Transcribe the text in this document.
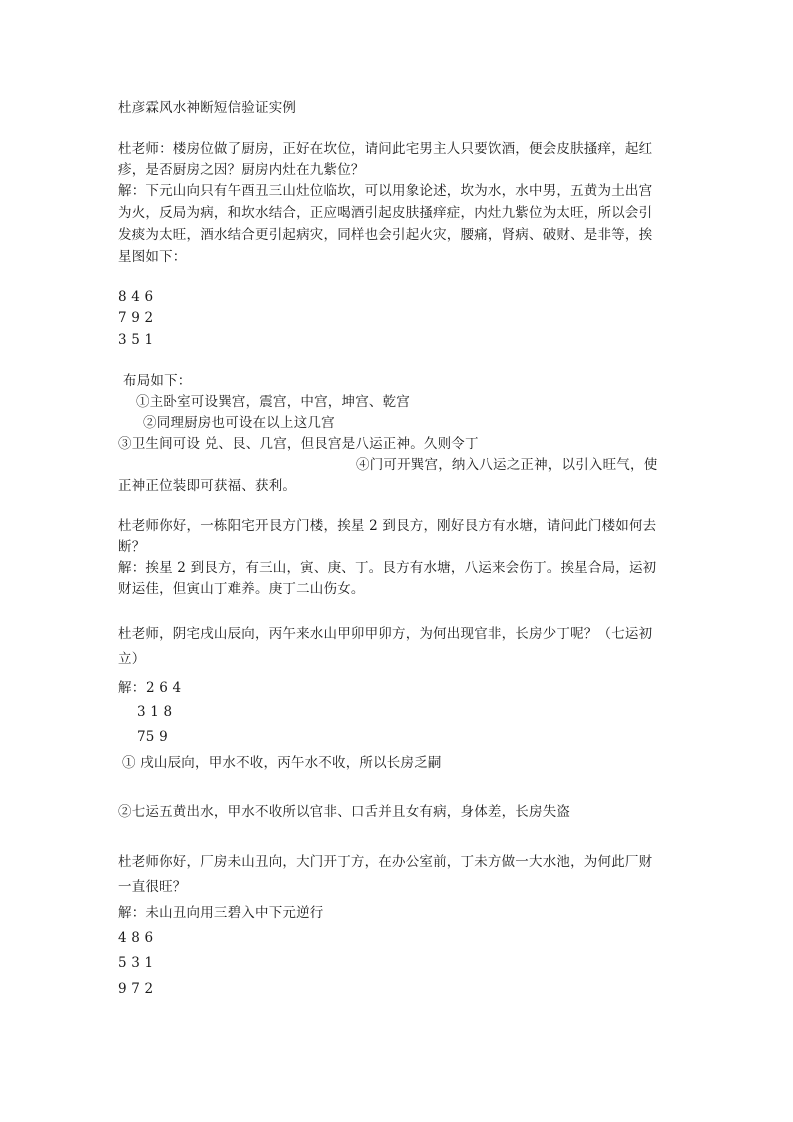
杜彦霖风水神断短信验证实例
杜老师：楼房位做了厨房，正好在坎位，请问此宅男主人只要饮酒，便会皮肤搔痒，起红
疹，是否厨房之因？厨房内灶在九紫位？
解：下元山向只有午酉丑三山灶位临坎，可以用象论述，坎为水，水中男，五黄为土出宫
为火，反局为病，和坎水结合，正应喝酒引起皮肤搔痒症，内灶九紫位为太旺，所以会引
发痰为太旺，酒水结合更引起病灾，同样也会引起火灾，腰痛，肾病、破财、是非等，挨
星图如下：
8 4 6
7 9 2
3 5 1
布局如下：
①主卧室可设巽宫，震宫，中宫，坤宫、乾宫
②同理厨房也可设在以上这几宫
③卫生间可设 兑、艮、几宫，但艮宫是八运正神。久则令丁
④门可开巽宫，纳入八运之正神，以引入旺气，使
正神正位装即可获福、获利。
杜老师你好，一栋阳宅开艮方门楼，挨星 2 到艮方，刚好艮方有水塘，请问此门楼如何去
断？
解：挨星 2 到艮方，有三山，寅、庚、丁。艮方有水塘，八运来会伤丁。挨星合局，运初
财运佳，但寅山丁难养。庚丁二山伤女。
杜老师，阴宅戌山辰向，丙午来水山甲卯甲卯方，为何出现官非，长房少丁呢？（七运初
立）
解： 2 6 4
3 1 8
75 9
① 戌山辰向，甲水不收，丙午水不收，所以长房乏嗣
②七运五黄出水，甲水不收所以官非、口舌并且女有病，身体差，长房失盗
杜老师你好，厂房未山丑向，大门开丁方，在办公室前，丁未方做一大水池，为何此厂财
一直很旺？
解：未山丑向用三碧入中下元逆行
4 8 6
5 3 1
9 7 2
